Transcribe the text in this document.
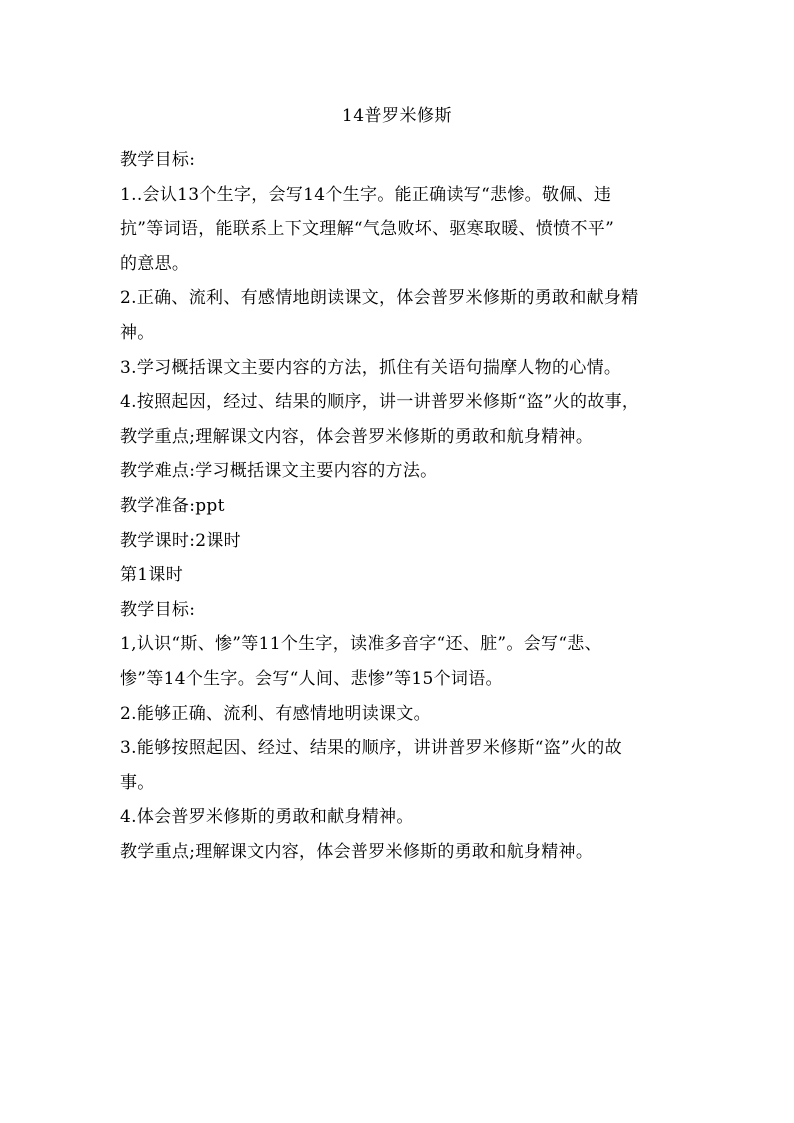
14普罗米修斯
教学目标:
1..会认13个生字，会写14个生字。能正确读写“悲惨。敬佩、违
抗”等词语，能联系上下文理解“气急败坏、驱寒取暖、愤愤不平”
的意思。
2.正确、流利、有感情地朗读课文，体会普罗米修斯的勇敢和献身精
神。
3.学习概括课文主要内容的方法，抓住有关语句揣摩人物的心情。
4.按照起因，经过、结果的顺序，讲一讲普罗米修斯“盗”火的故事，
教学重点;理解课文内容，体会普罗米修斯的勇敢和航身精神。
教学难点:学习概括课文主要内容的方法。
教学准备:ppt
教学课时:2课时
第1课时
教学目标:
1,认识“斯、惨”等11个生字，读准多音字“还、脏”。会写“悲、
惨”等14个生字。会写“人间、悲惨”等15个词语。
2.能够正确、流利、有感情地明读课文。
3.能够按照起因、经过、结果的顺序，讲讲普罗米修斯“盗”火的故
事。
4.体会普罗米修斯的勇敢和献身精神。
教学重点;理解课文内容，体会普罗米修斯的勇敢和航身精神。
